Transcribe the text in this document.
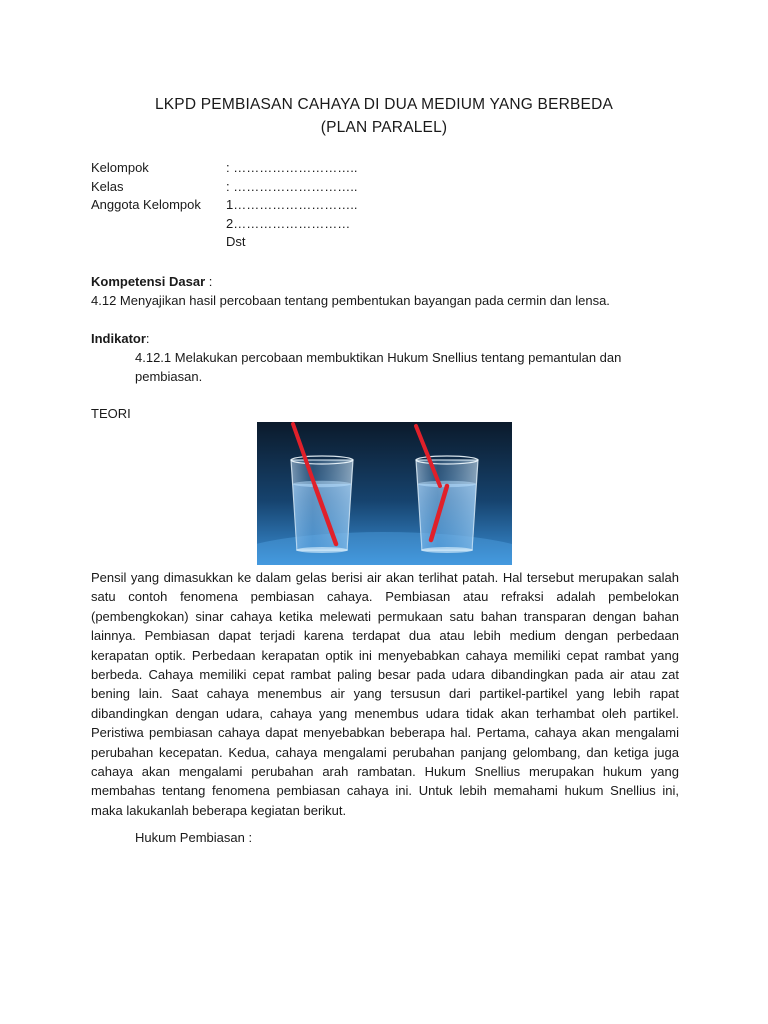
LKPD PEMBIASAN CAHAYA DI DUA MEDIUM YANG BERBEDA
(PLAN PARALEL)
Kelompok	: ………………………..
Kelas	: ………………………..
Anggota Kelompok	1………………………..
2………………………
Dst
Kompetensi Dasar :
4.12 Menyajikan hasil percobaan tentang pembentukan bayangan pada cermin dan lensa.
Indikator:
4.12.1 Melakukan percobaan membuktikan Hukum Snellius tentang pemantulan dan pembiasan.
TEORI
Pensil yang dimasukkan ke dalam gelas berisi air akan terlihat patah. Hal tersebut merupakan salah satu contoh fenomena pembiasan cahaya. Pembiasan atau refraksi adalah pembelokan (pembengkokan) sinar cahaya ketika melewati permukaan satu bahan transparan dengan bahan lainnya. Pembiasan dapat terjadi karena terdapat dua atau lebih medium dengan perbedaan kerapatan optik. Perbedaan kerapatan optik ini menyebabkan cahaya memiliki cepat rambat yang berbeda. Cahaya memiliki cepat rambat paling besar pada udara dibandingkan pada air atau zat bening lain. Saat cahaya menembus air yang tersusun dari partikel-partikel yang lebih rapat dibandingkan dengan udara, cahaya yang menembus udara tidak akan terhambat oleh partikel. Peristiwa pembiasan cahaya dapat menyebabkan beberapa hal. Pertama, cahaya akan mengalami perubahan kecepatan. Kedua, cahaya mengalami perubahan panjang gelombang, dan ketiga juga cahaya akan mengalami perubahan arah rambatan. Hukum Snellius merupakan hukum yang membahas tentang fenomena pembiasan cahaya ini. Untuk lebih memahami hukum Snellius ini, maka lakukanlah beberapa kegiatan berikut.
Hukum Pembiasan :
